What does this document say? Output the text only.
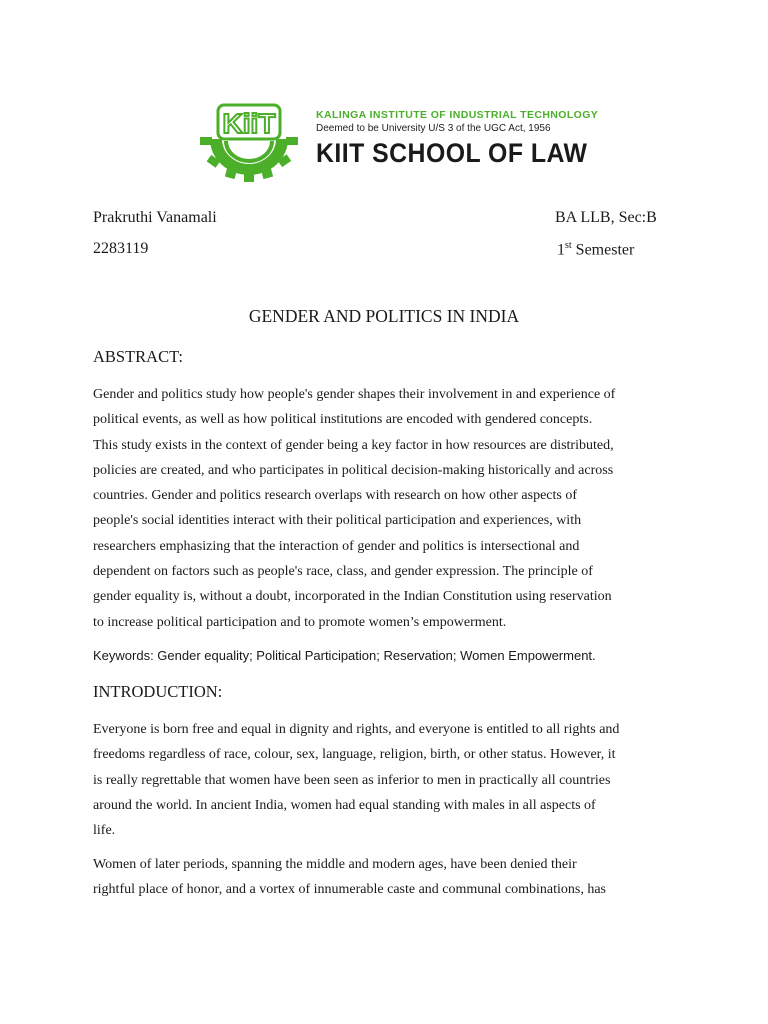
KiiT	KALINGA INSTITUTE OF INDUSTRIAL TECHNOLOGY
Deemed to be University U/S 3 of the UGC Act, 1956
KIIT SCHOOL OF LAW
Prakruthi Vanamali	BA LLB, Sec:B
2283119	1st Semester
GENDER AND POLITICS IN INDIA
ABSTRACT:
Gender and politics study how people's gender shapes their involvement in and experience of
political events, as well as how political institutions are encoded with gendered concepts.
This study exists in the context of gender being a key factor in how resources are distributed,
policies are created, and who participates in political decision-making historically and across
countries. Gender and politics research overlaps with research on how other aspects of
people's social identities interact with their political participation and experiences, with
researchers emphasizing that the interaction of gender and politics is intersectional and
dependent on factors such as people's race, class, and gender expression. The principle of
gender equality is, without a doubt, incorporated in the Indian Constitution using reservation
to increase political participation and to promote women’s empowerment.
Keywords: Gender equality; Political Participation; Reservation; Women Empowerment.
INTRODUCTION:
Everyone is born free and equal in dignity and rights, and everyone is entitled to all rights and
freedoms regardless of race, colour, sex, language, religion, birth, or other status. However, it
is really regrettable that women have been seen as inferior to men in practically all countries
around the world. In ancient India, women had equal standing with males in all aspects of
life.
Women of later periods, spanning the middle and modern ages, have been denied their
rightful place of honor, and a vortex of innumerable caste and communal combinations, has
